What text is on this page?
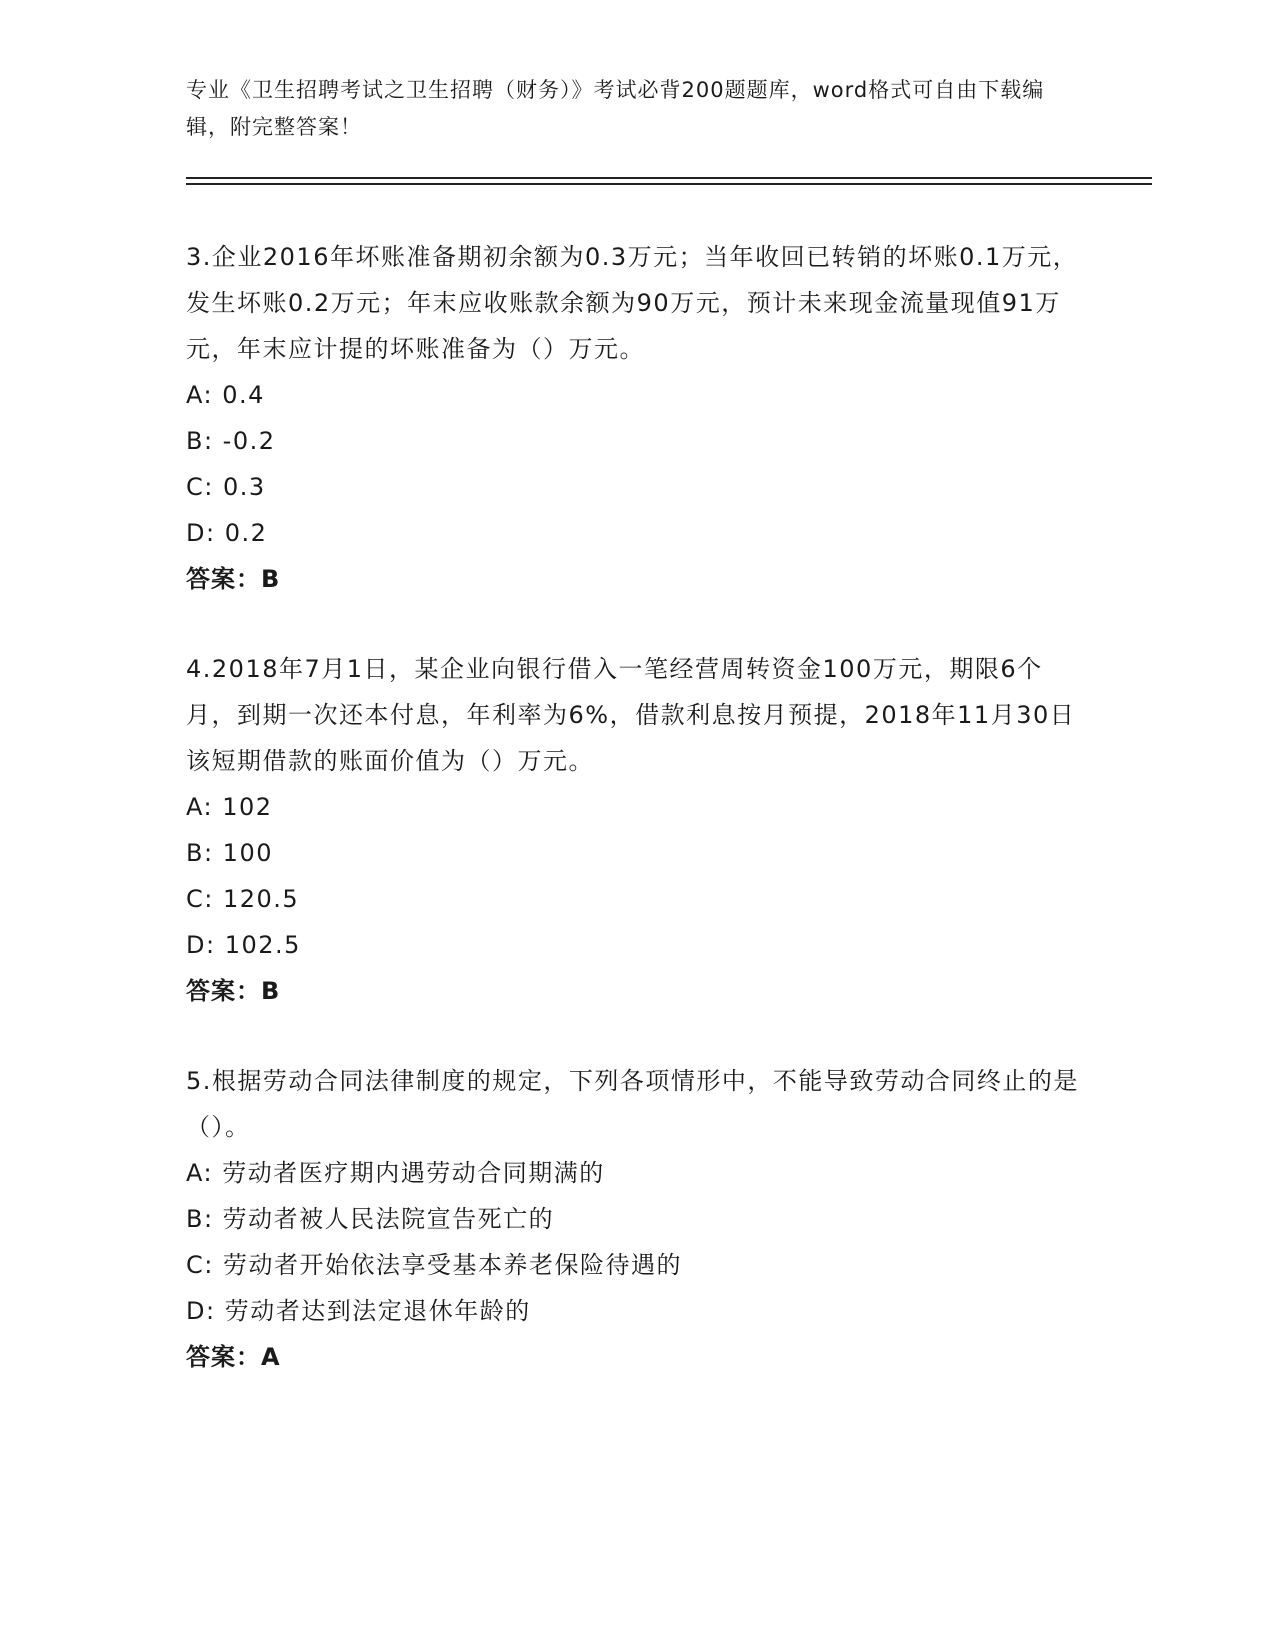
专业《卫生招聘考试之卫生招聘（财务）》考试必背200题题库，word格式可自由下载编辑，附完整答案！

3.企业2016年坏账准备期初余额为0.3万元；当年收回已转销的坏账0.1万元，发生坏账0.2万元；年末应收账款余额为90万元，预计未来现金流量现值91万元，年末应计提的坏账准备为（）万元。

A: 0.4

B: -0.2

C: 0.3

D: 0.2

答案：B

4.2018年7月1日，某企业向银行借入一笔经营周转资金100万元，期限6个月，到期一次还本付息，年利率为6%，借款利息按月预提，2018年11月30日该短期借款的账面价值为（）万元。

A: 102

B: 100

C: 120.5

D: 102.5

答案：B

5.根据劳动合同法律制度的规定，下列各项情形中，不能导致劳动合同终止的是（）。

A: 劳动者医疗期内遇劳动合同期满的

B: 劳动者被人民法院宣告死亡的

C: 劳动者开始依法享受基本养老保险待遇的

D: 劳动者达到法定退休年龄的

答案：A
